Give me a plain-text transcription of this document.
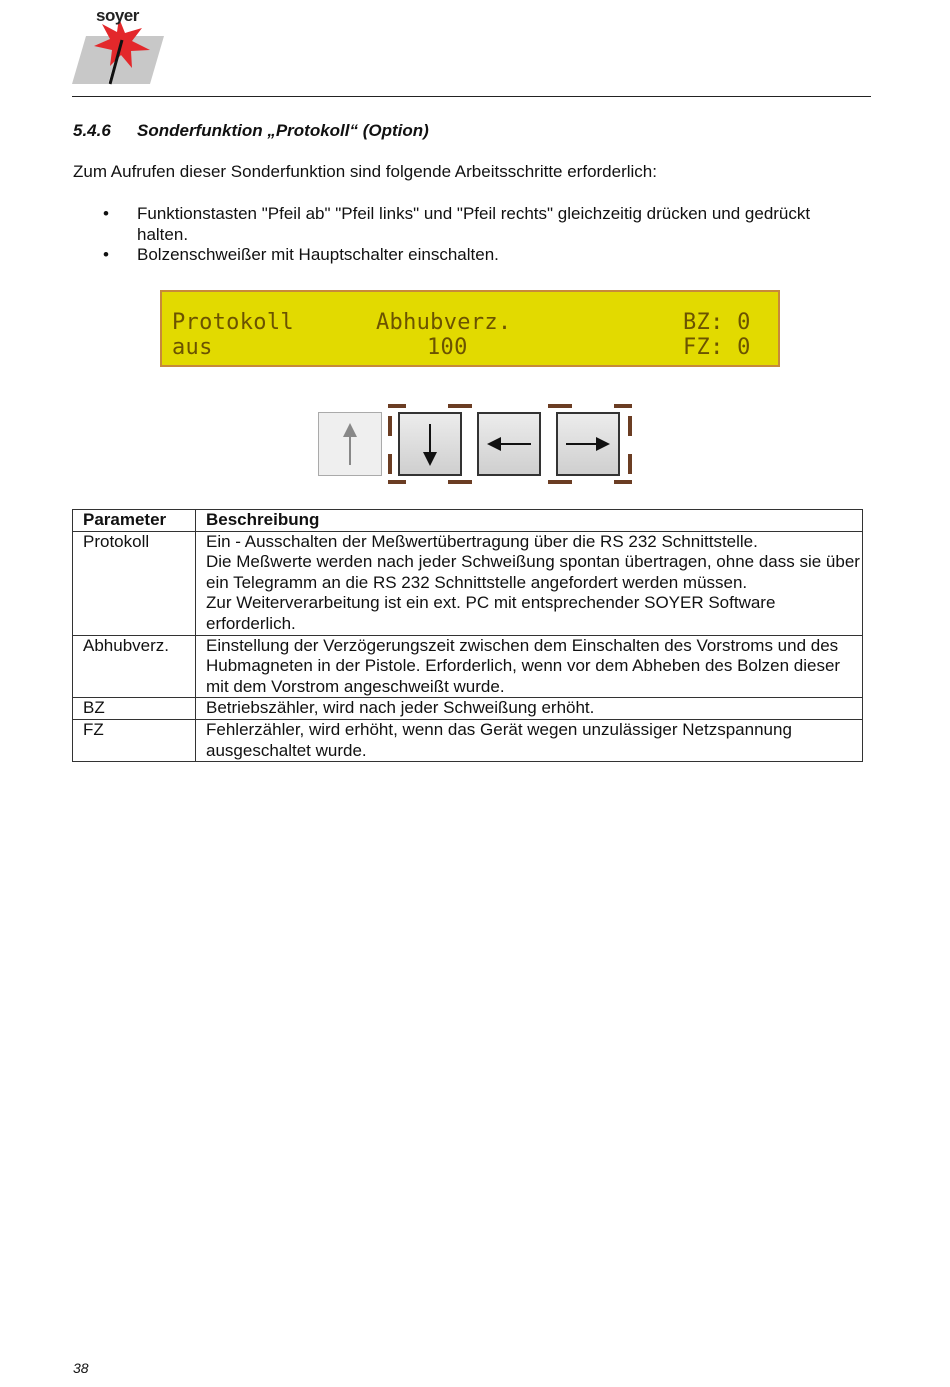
soyer
5.4.6 Sonderfunktion „Protokoll“ (Option)
Zum Aufrufen dieser Sonderfunktion sind folgende Arbeitsschritte erforderlich:
• Funktionstasten "Pfeil ab" "Pfeil links" und "Pfeil rechts" gleichzeitig drücken und gedrückt halten.
• Bolzenschweißer mit Hauptschalter einschalten.
Protokoll	Abhubverz.	BZ: 0
aus	100	FZ: 0
Parameter	Beschreibung
Protokoll	Ein - Ausschalten der Meßwertübertragung über die RS 232 Schnittstelle.
Die Meßwerte werden nach jeder Schweißung spontan übertragen, ohne dass sie über ein Telegramm an die RS 232 Schnittstelle angefordert werden müssen.
Zur Weiterverarbeitung ist ein ext. PC mit entsprechender SOYER Software erforderlich.

Abhubverz.	Einstellung der Verzögerungszeit zwischen dem Einschalten des Vorstroms und des Hubmagneten in der Pistole. Erforderlich, wenn vor dem Abheben des Bolzen dieser mit dem Vorstrom angeschweißt wurde.

BZ	Betriebszähler, wird nach jeder Schweißung erhöht.

FZ	Fehlerzähler, wird erhöht, wenn das Gerät wegen unzulässiger Netzspannung ausgeschaltet wurde.
38
